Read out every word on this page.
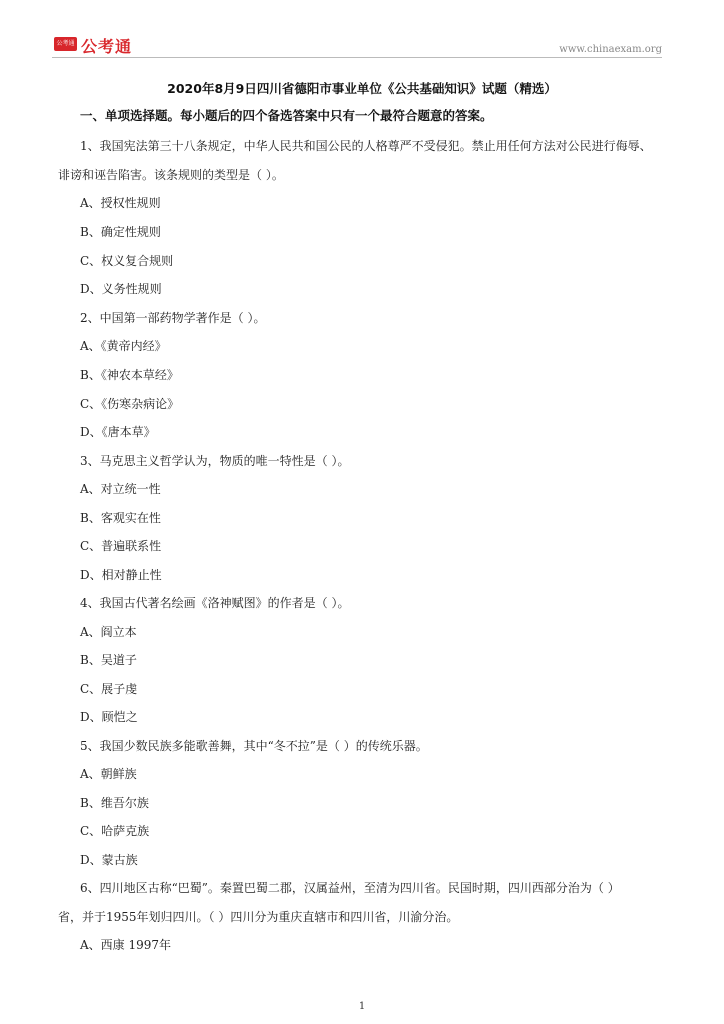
公考通 公考通	www.chinaexam.org
2020年8月9日四川省德阳市事业单位《公共基础知识》试题（精选）
一、单项选择题。每小题后的四个备选答案中只有一个最符合题意的答案。
1、我国宪法第三十八条规定，中华人民共和国公民的人格尊严不受侵犯。禁止用任何方法对公民进行侮辱、
诽谤和诬告陷害。该条规则的类型是（ ）。
A、授权性规则
B、确定性规则
C、权义复合规则
D、义务性规则
2、中国第一部药物学著作是（ ）。
A、《黄帝内经》
B、《神农本草经》
C、《伤寒杂病论》
D、《唐本草》
3、马克思主义哲学认为，物质的唯一特性是（ ）。
A、对立统一性
B、客观实在性
C、普遍联系性
D、相对静止性
4、我国古代著名绘画《洛神赋图》的作者是（ ）。
A、阎立本
B、吴道子
C、展子虔
D、顾恺之
5、我国少数民族多能歌善舞，其中“冬不拉”是（ ）的传统乐器。
A、朝鲜族
B、维吾尔族
C、哈萨克族
D、蒙古族
6、四川地区古称“巴蜀”。秦置巴蜀二郡，汉属益州，至清为四川省。民国时期，四川西部分治为（ ）
省，并于1955年划归四川。（ ）四川分为重庆直辖市和四川省，川渝分治。
A、西康 1997年
1
